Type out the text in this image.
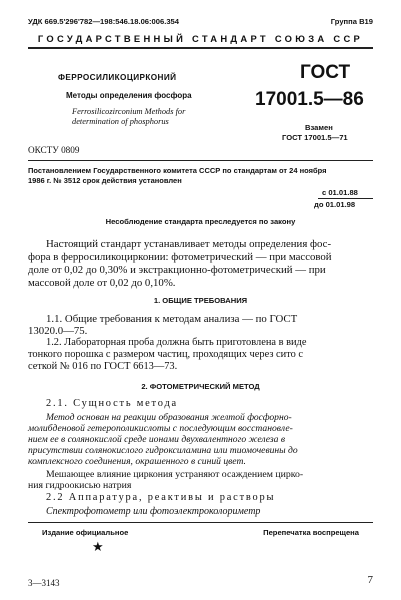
УДК 669.5'296'782—198:546.18.06:006.354	Группа В19
ГОСУДАРСТВЕННЫЙ СТАНДАРТ СОЮЗА ССР
ФЕРРОСИЛИКОЦИРКОНИЙ
Методы определения фосфора
Ferrosilicozirconium Methods for
determination of phosphorus
ГОСТ
17001.5—86
Взамен
ГОСТ 17001.5—71
ОКСТУ 0809
Постановлением Государственного комитета СССР по стандартам от 24 ноября
1986 г. № 3512 срок действия установлен
с 01.01.88
до 01.01.98
Несоблюдение стандарта преследуется по закону
Настоящий стандарт устанавливает методы определения фос-
фора в ферросиликоцирконии: фотометрический — при массовой
доле от 0,02 до 0,30% и экстракционно-фотометрический — при
массовой доле от 0,02 до 0,10%.
1. ОБЩИЕ ТРЕБОВАНИЯ
1.1. Общие требования к методам анализа — по ГОСТ
13020.0—75.
1.2. Лабораторная проба должна быть приготовлена в виде
тонкого порошка с размером частиц, проходящих через сито с
сеткой № 016 по ГОСТ 6613—73.
2. ФОТОМЕТРИЧЕСКИЙ МЕТОД
2.1. Сущность метода
Метод основан на реакции образования желтой фосфорно-
молибденовой гетерополикислоты с последующим восстановле-
нием ее в солянокислой среде ионами двухвалентного железа в
присутствии солянокислого гидроксиламина или тиомочевины до
комплексного соединения, окрашенного в синий цвет.
Мешающее влияние циркония устраняют осаждением цирко-
ния гидроокисью натрия
2.2 Аппаратура, реактивы и растворы
Спектрофотометр или фотоэлектроколориметр
Издание официальное	Перепечатка воспрещена
★
3—3143	7
